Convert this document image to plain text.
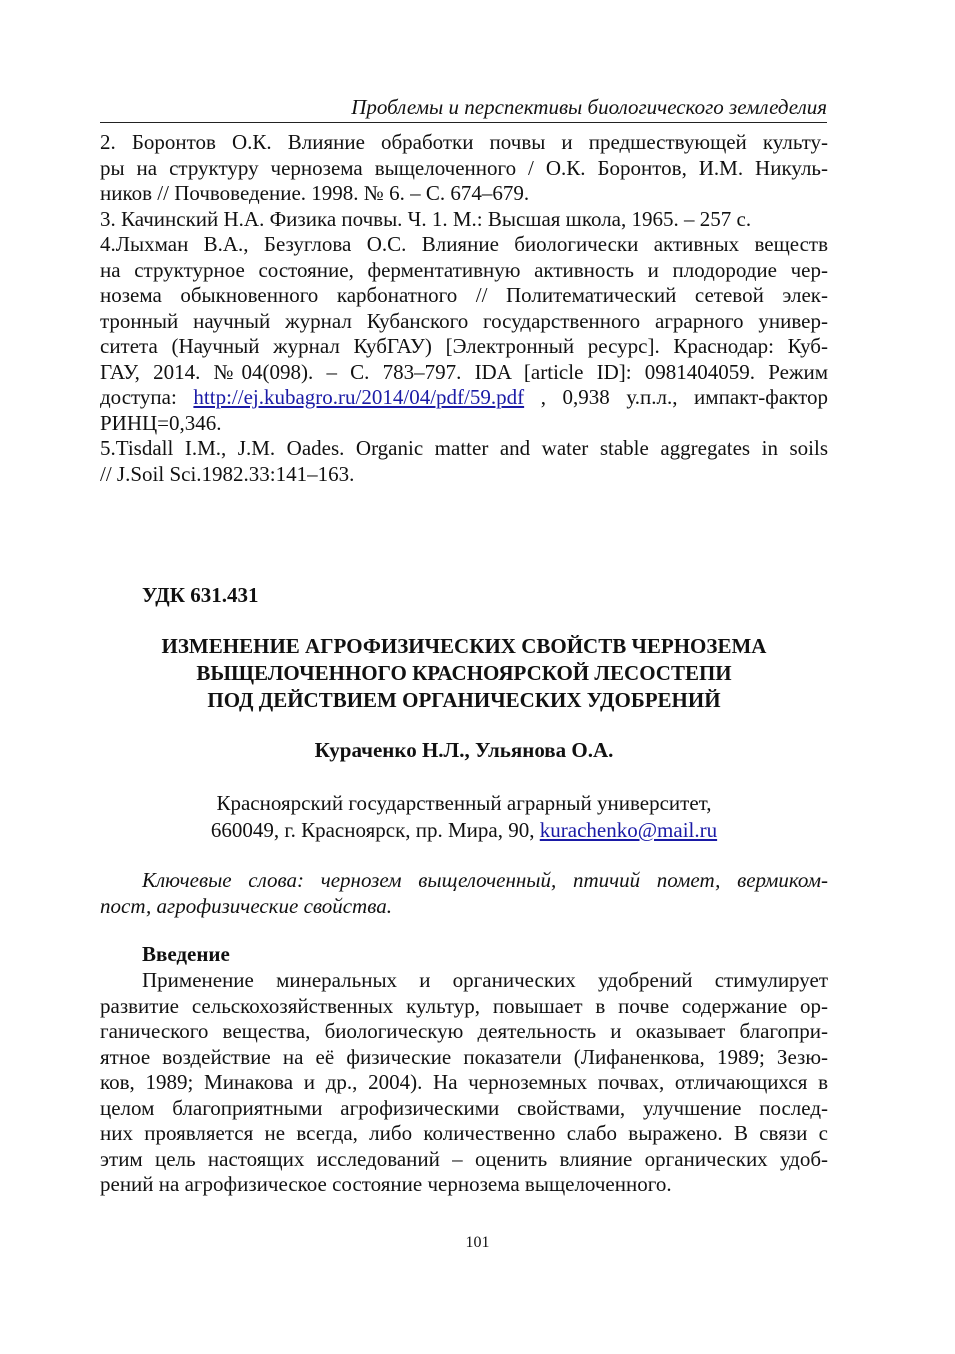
Проблемы и перспективы биологического земледелия
2. Боронтов О.К. Влияние обработки почвы и предшествующей культу-
ры на структуру чернозема выщелоченного / О.К. Боронтов, И.М. Никуль-
ников // Почвоведение. 1998. № 6. – С. 674–679.
3. Качинский Н.А. Физика почвы. Ч. 1. М.: Высшая школа, 1965. – 257 с.
4.Лыхман В.А., Безуглова О.С. Влияние биологически активных веществ
на структурное состояние, ферментативную активность и плодородие чер-
нозема обыкновенного карбонатного // Политематический сетевой элек-
тронный научный журнал Кубанского государственного аграрного универ-
ситета (Научный журнал КубГАУ) [Электронный ресурс]. Краснодар: Куб-
ГАУ, 2014. №04(098). – С. 783–797. IDA [article ID]: 0981404059. Режим
доступа: http://ej.kubagro.ru/2014/04/pdf/59.pdf , 0,938 у.п.л., импакт-фактор
РИНЦ=0,346.
5.Tisdall I.M., J.M. Oades. Organic matter and water stable aggregates in soils
// J.Soil Sci.1982.33:141–163.
УДК 631.431
ИЗМЕНЕНИЕ АГРОФИЗИЧЕСКИХ СВОЙСТВ ЧЕРНОЗЕМА
ВЫЩЕЛОЧЕННОГО КРАСНОЯРСКОЙ ЛЕСОСТЕПИ
ПОД ДЕЙСТВИЕМ ОРГАНИЧЕСКИХ УДОБРЕНИЙ
Кураченко Н.Л., Ульянова О.А.
Красноярский государственный аграрный университет,
660049, г. Красноярск, пр. Мира, 90, kurachenko@mail.ru
Ключевые слова: чернозем выщелоченный, птичий помет, вермиком-
пост, агрофизические свойства.
Введение
Применение минеральных и органических удобрений стимулирует
развитие сельскохозяйственных культур, повышает в почве содержание ор-
ганического вещества, биологическую деятельность и оказывает благопри-
ятное воздействие на её физические показатели (Лифаненкова, 1989; Зезю-
ков, 1989; Минакова и др., 2004). На черноземных почвах, отличающихся в
целом благоприятными агрофизическими свойствами, улучшение послед-
них проявляется не всегда, либо количественно слабо выражено. В связи с
этим цель настоящих исследований – оценить влияние органических удоб-
рений на агрофизическое состояние чернозема выщелоченного.
101
